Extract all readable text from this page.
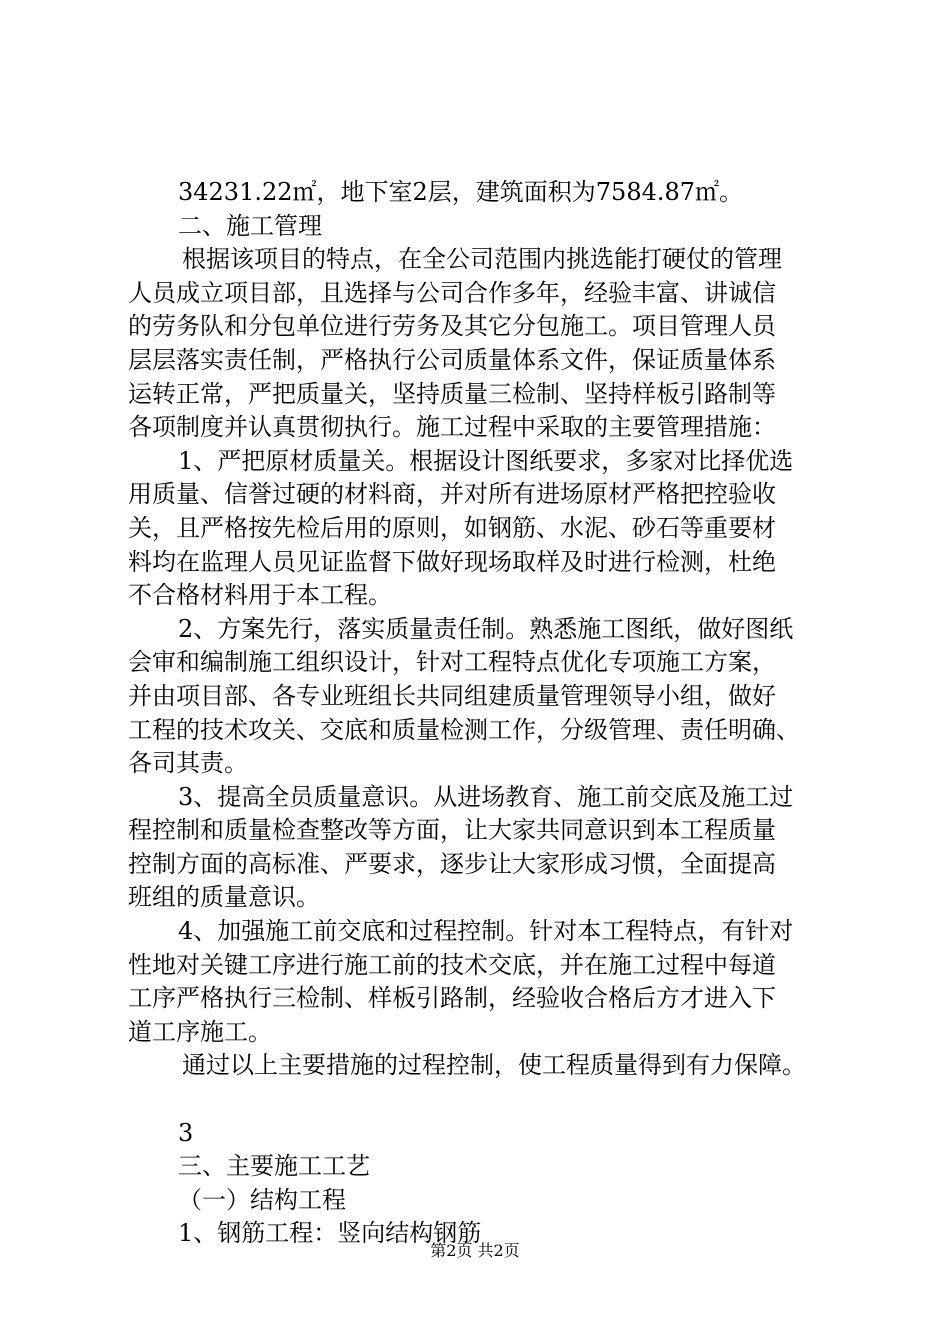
34231.22㎡，地下室2层，建筑面积为7584.87㎡。
二、施工管理
根据该项目的特点，在全公司范围内挑选能打硬仗的管理
人员成立项目部，且选择与公司合作多年，经验丰富、讲诚信
的劳务队和分包单位进行劳务及其它分包施工。项目管理人员
层层落实责任制，严格执行公司质量体系文件，保证质量体系
运转正常，严把质量关，坚持质量三检制、坚持样板引路制等
各项制度并认真贯彻执行。施工过程中采取的主要管理措施：
1、严把原材质量关。根据设计图纸要求，多家对比择优选
用质量、信誉过硬的材料商，并对所有进场原材严格把控验收
关，且严格按先检后用的原则，如钢筋、水泥、砂石等重要材
料均在监理人员见证监督下做好现场取样及时进行检测，杜绝
不合格材料用于本工程。
2、方案先行，落实质量责任制。熟悉施工图纸，做好图纸
会审和编制施工组织设计，针对工程特点优化专项施工方案，
并由项目部、各专业班组长共同组建质量管理领导小组，做好
工程的技术攻关、交底和质量检测工作，分级管理、责任明确、
各司其责。
3、提高全员质量意识。从进场教育、施工前交底及施工过
程控制和质量检查整改等方面，让大家共同意识到本工程质量
控制方面的高标准、严要求，逐步让大家形成习惯，全面提高
班组的质量意识。
4、加强施工前交底和过程控制。针对本工程特点，有针对
性地对关键工序进行施工前的技术交底，并在施工过程中每道
工序严格执行三检制、样板引路制，经验收合格后方才进入下
道工序施工。
通过以上主要措施的过程控制，使工程质量得到有力保障。
3
三、主要施工工艺
（一）结构工程
1、钢筋工程：竖向结构钢筋
第2页 共2页
